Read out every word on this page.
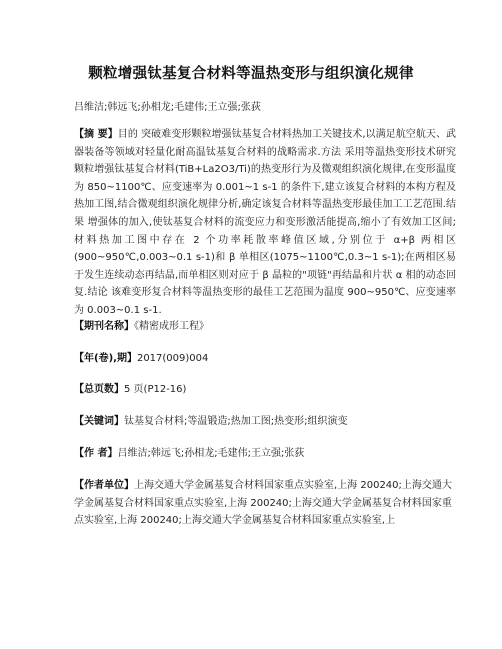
颗粒增强钛基复合材料等温热变形与组织演化规律
吕维洁;韩远飞;孙相龙;毛建伟;王立强;张荻

【摘 要】目的 突破难变形颗粒增强钛基复合材料热加工关键技术,以满足航空航天、武器装备等领域对轻量化耐高温钛基复合材料的战略需求.方法 采用等温热变形技术研究颗粒增强钛基复合材料(TiB+La2O3/Ti)的热变形行为及微观组织演化规律,在变形温度为 850~1100℃、应变速率为 0.001~1 s-1 的条件下,建立该复合材料的本构方程及热加工图,结合微观组织演化规律分析,确定该复合材料等温热变形最佳加工工艺范围.结果 增强体的加入,使钛基复合材料的流变应力和变形激活能提高,缩小了有效加工区间;材料热加工图中存在 2 个功率耗散率峰值区域,分别位于 α+β 两相区(900~950℃,0.003~0.1 s-1)和 β 单相区(1075~1100℃,0.3~1 s-1);在两相区易于发生连续动态再结晶,而单相区则对应于 β 晶粒的"项链"再结晶和片状 α 相的动态回复.结论 该难变形复合材料等温热变形的最佳工艺范围为温度 900~950℃、应变速率为 0.003~0.1 s-1.

【期刊名称】《精密成形工程》
【年(卷),期】2017(009)004
【总页数】5 页(P12-16)
【关键词】钛基复合材料;等温锻造;热加工图;热变形;组织演变
【作 者】吕维洁;韩远飞;孙相龙;毛建伟;王立强;张荻
【作者单位】上海交通大学金属基复合材料国家重点实验室,上海 200240;上海交通大学金属基复合材料国家重点实验室,上海 200240;上海交通大学金属基复合材料国家重点实验室,上海 200240;上海交通大学金属基复合材料国家重点实验室,上
